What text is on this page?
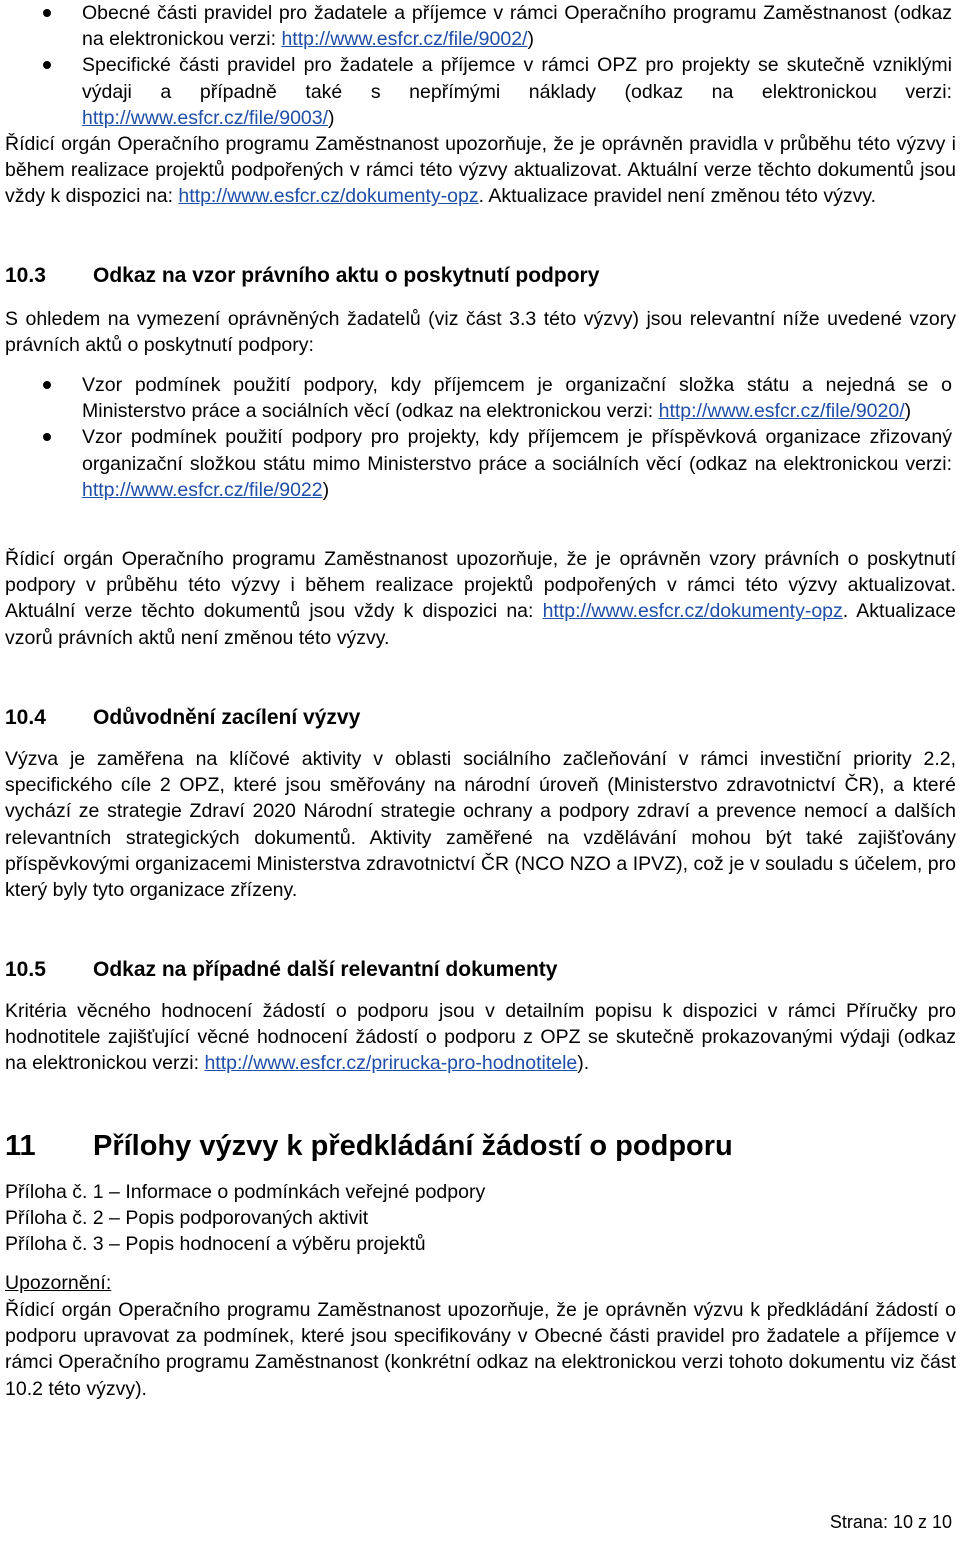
Obecné části pravidel pro žadatele a příjemce v rámci Operačního programu Zaměstnanost (odkaz na elektronickou verzi: http://www.esfcr.cz/file/9002/)
Specifické části pravidel pro žadatele a příjemce v rámci OPZ pro projekty se skutečně vzniklými výdaji a případně také s nepřímými náklady (odkaz na elektronickou verzi: http://www.esfcr.cz/file/9003/)

Řídicí orgán Operačního programu Zaměstnanost upozorňuje, že je oprávněn pravidla v průběhu této výzvy i během realizace projektů podpořených v rámci této výzvy aktualizovat. Aktuální verze těchto dokumentů jsou vždy k dispozici na: http://www.esfcr.cz/dokumenty-opz. Aktualizace pravidel není změnou této výzvy.

10.3	Odkaz na vzor právního aktu o poskytnutí podpory

S ohledem na vymezení oprávněných žadatelů (viz část 3.3 této výzvy) jsou relevantní níže uvedené vzory právních aktů o poskytnutí podpory:

Vzor podmínek použití podpory, kdy příjemcem je organizační složka státu a nejedná se o Ministerstvo práce a sociálních věcí (odkaz na elektronickou verzi: http://www.esfcr.cz/file/9020/)
Vzor podmínek použití podpory pro projekty, kdy příjemcem je příspěvková organizace zřizovaný organizační složkou státu mimo Ministerstvo práce a sociálních věcí (odkaz na elektronickou verzi: http://www.esfcr.cz/file/9022)

Řídicí orgán Operačního programu Zaměstnanost upozorňuje, že je oprávněn vzory právních o poskytnutí podpory v průběhu této výzvy i během realizace projektů podpořených v rámci této výzvy aktualizovat. Aktuální verze těchto dokumentů jsou vždy k dispozici na: http://www.esfcr.cz/dokumenty-opz. Aktualizace vzorů právních aktů není změnou této výzvy.

10.4	Odůvodnění zacílení výzvy

Výzva je zaměřena na klíčové aktivity v oblasti sociálního začleňování v rámci investiční priority 2.2, specifického cíle 2 OPZ, které jsou směřovány na národní úroveň (Ministerstvo zdravotnictví ČR), a které vychází ze strategie Zdraví 2020 Národní strategie ochrany a podpory zdraví a prevence nemocí a dalších relevantních strategických dokumentů. Aktivity zaměřené na vzdělávání mohou být také zajišťovány příspěvkovými organizacemi Ministerstva zdravotnictví ČR (NCO NZO a IPVZ), což je v souladu s účelem, pro který byly tyto organizace zřízeny.

10.5	Odkaz na případné další relevantní dokumenty

Kritéria věcného hodnocení žádostí o podporu jsou v detailním popisu k dispozici v rámci Příručky pro hodnotitele zajišťující věcné hodnocení žádostí o podporu z OPZ se skutečně prokazovanými výdaji (odkaz na elektronickou verzi: http://www.esfcr.cz/prirucka-pro-hodnotitele).

11	Přílohy výzvy k předkládání žádostí o podporu
Příloha č. 1 – Informace o podmínkách veřejné podpory
Příloha č. 2 – Popis podporovaných aktivit
Příloha č. 3 – Popis hodnocení a výběru projektů
Upozornění:

Řídicí orgán Operačního programu Zaměstnanost upozorňuje, že je oprávněn výzvu k předkládání žádostí o podporu upravovat za podmínek, které jsou specifikovány v Obecné části pravidel pro žadatele a příjemce v rámci Operačního programu Zaměstnanost (konkrétní odkaz na elektronickou verzi tohoto dokumentu viz část 10.2 této výzvy).

Strana: 10 z 10
